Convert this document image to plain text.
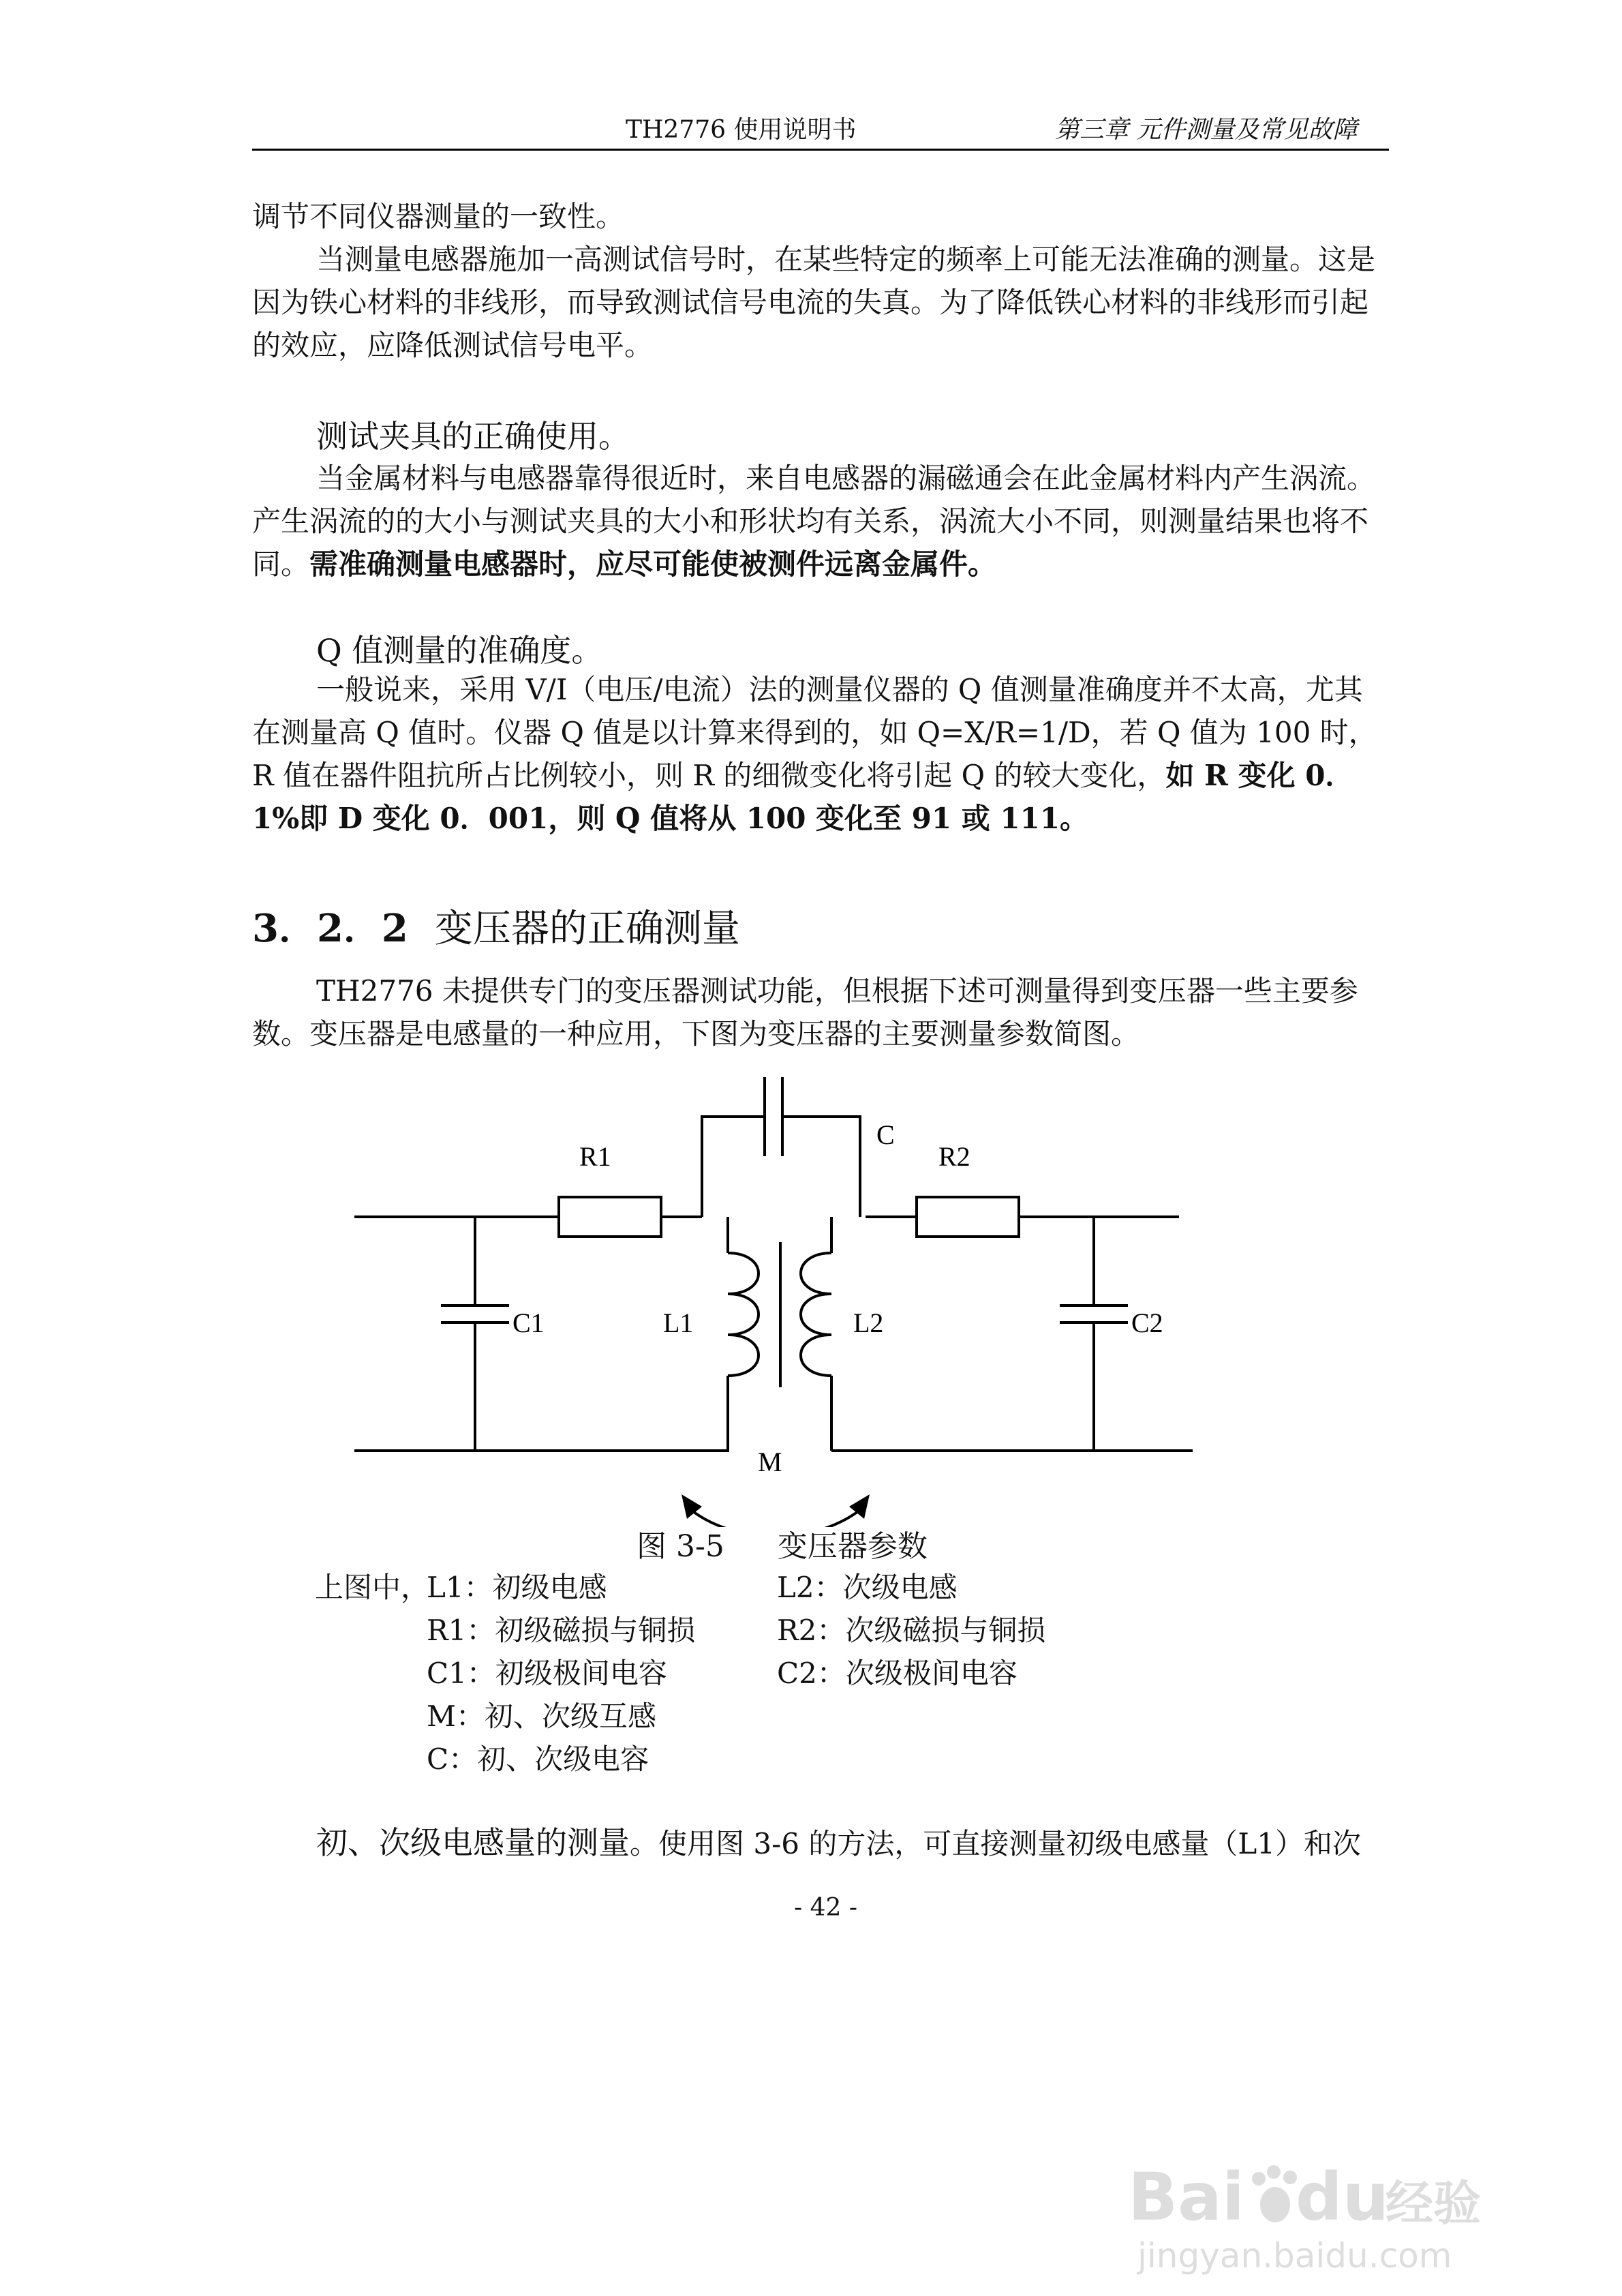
TH2776 使用说明书	第三章 元件测量及常见故障

调节不同仪器测量的一致性。

当测量电感器施加一高测试信号时，在某些特定的频率上可能无法准确的测量。这是因为铁心材料的非线形，而导致测试信号电流的失真。为了降低铁心材料的非线形而引起的效应，应降低测试信号电平。

测试夹具的正确使用。

当金属材料与电感器靠得很近时，来自电感器的漏磁通会在此金属材料内产生涡流。产生涡流的的大小与测试夹具的大小和形状均有关系，涡流大小不同，则测量结果也将不同。需准确测量电感器时，应尽可能使被测件远离金属件。

Q 值测量的准确度。

一般说来，采用 V/I（电压/电流）法的测量仪器的 Q 值测量准确度并不太高，尤其在测量高 Q 值时。仪器 Q 值是以计算来得到的，如 Q=X/R=1/D，若 Q 值为 100 时，R 值在器件阻抗所占比例较小，则 R 的细微变化将引起 Q 的较大变化，如 R 变化 0．1%即 D 变化 0．001，则 Q 值将从 100 变化至 91 或 111。

3．2．2 变压器的正确测量

TH2776 未提供专门的变压器测试功能，但根据下述可测量得到变压器一些主要参数。变压器是电感量的一种应用，下图为变压器的主要测量参数简图。

C
R1	R2
C1	L1	L2	C2
M
图 3-5 变压器参数
上图中，
L1：初级电感	L2：次级电感
R1：初级磁损与铜损	R2：次级磁损与铜损
C1：初级极间电容	C2：次级极间电容
M：初、次级互感
C：初、次级电容

初、次级电感量的测量。使用图 3-6 的方法，可直接测量初级电感量（L1）和次

- 42 -
Bai du
经验
jingyan.baidu.com
